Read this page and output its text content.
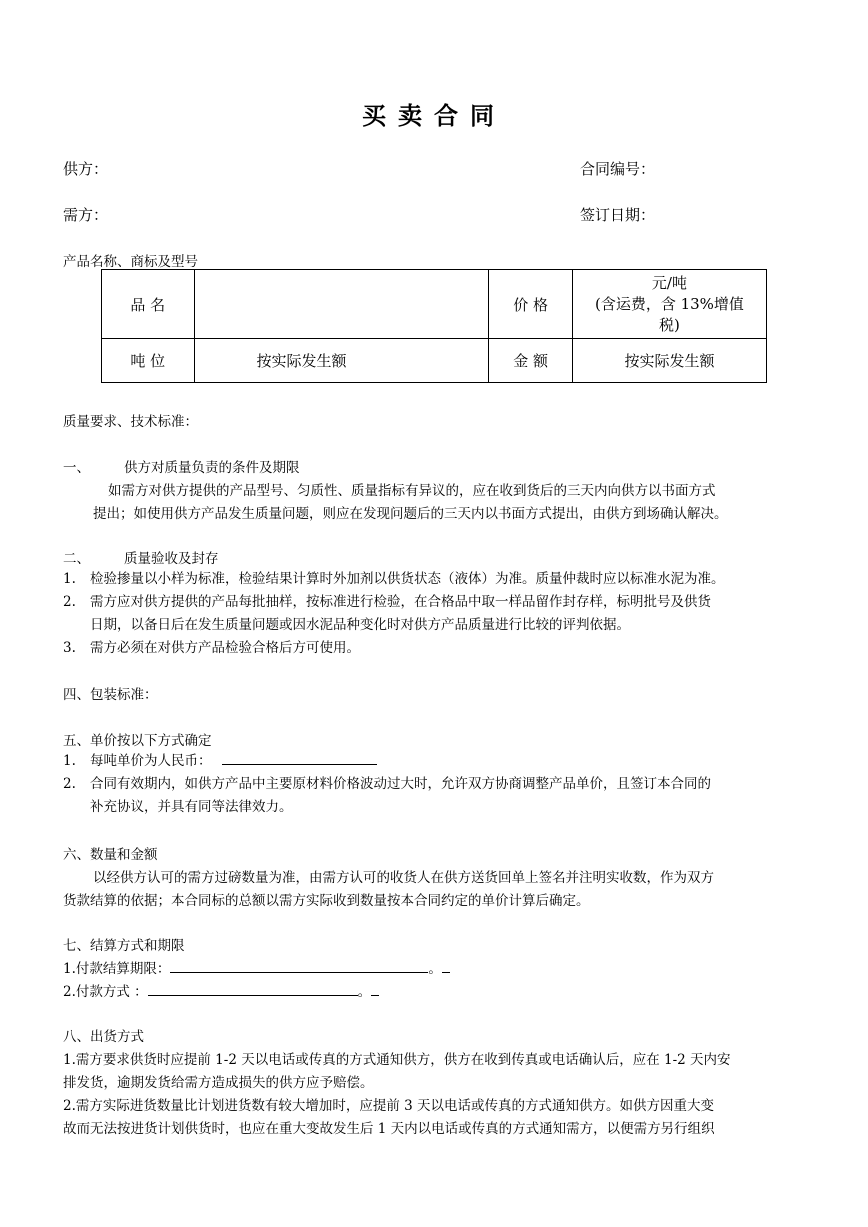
买卖合同
供方：	合同编号：
需方：	签订日期：
产品名称、商标及型号
品 名		价 格	元/吨
(含运费，含 13%增值
税)

吨 位	按实际发生额	金 额	按实际发生额
质量要求、技术标准：
一、	供方对质量负责的条件及期限
如需方对供方提供的产品型号、匀质性、质量指标有异议的，应在收到货后的三天内向供方以书面方式
提出；如使用供方产品发生质量问题，则应在发现问题后的三天内以书面方式提出，由供方到场确认解决。
二、	质量验收及封存
1. 检验掺量以小样为标准，检验结果计算时外加剂以供货状态（液体）为准。质量仲裁时应以标准水泥为准。
2. 需方应对供方提供的产品每批抽样，按标准进行检验，在合格品中取一样品留作封存样，标明批号及供货
日期，以备日后在发生质量问题或因水泥品种变化时对供方产品质量进行比较的评判依据。
3. 需方必须在对供方产品检验合格后方可使用。
四、包装标准：
五、单价按以下方式确定
1. 每吨单价为人民币：
2. 合同有效期内，如供方产品中主要原材料价格波动过大时，允许双方协商调整产品单价，且签订本合同的
补充协议，并具有同等法律效力。
六、数量和金额
以经供方认可的需方过磅数量为准，由需方认可的收货人在供方送货回单上签名并注明实收数，作为双方
货款结算的依据；本合同标的总额以需方实际收到数量按本合同约定的单价计算后确定。
七、结算方式和期限
1.付款结算期限：	。
2.付款方式 ：	。
八、出货方式
1.需方要求供货时应提前 1-2 天以电话或传真的方式通知供方，供方在收到传真或电话确认后，应在 1-2 天内安
排发货，逾期发货给需方造成损失的供方应予赔偿。
2.需方实际进货数量比计划进货数有较大增加时，应提前 3 天以电话或传真的方式通知供方。如供方因重大变
故而无法按进货计划供货时，也应在重大变故发生后 1 天内以电话或传真的方式通知需方，以便需方另行组织
